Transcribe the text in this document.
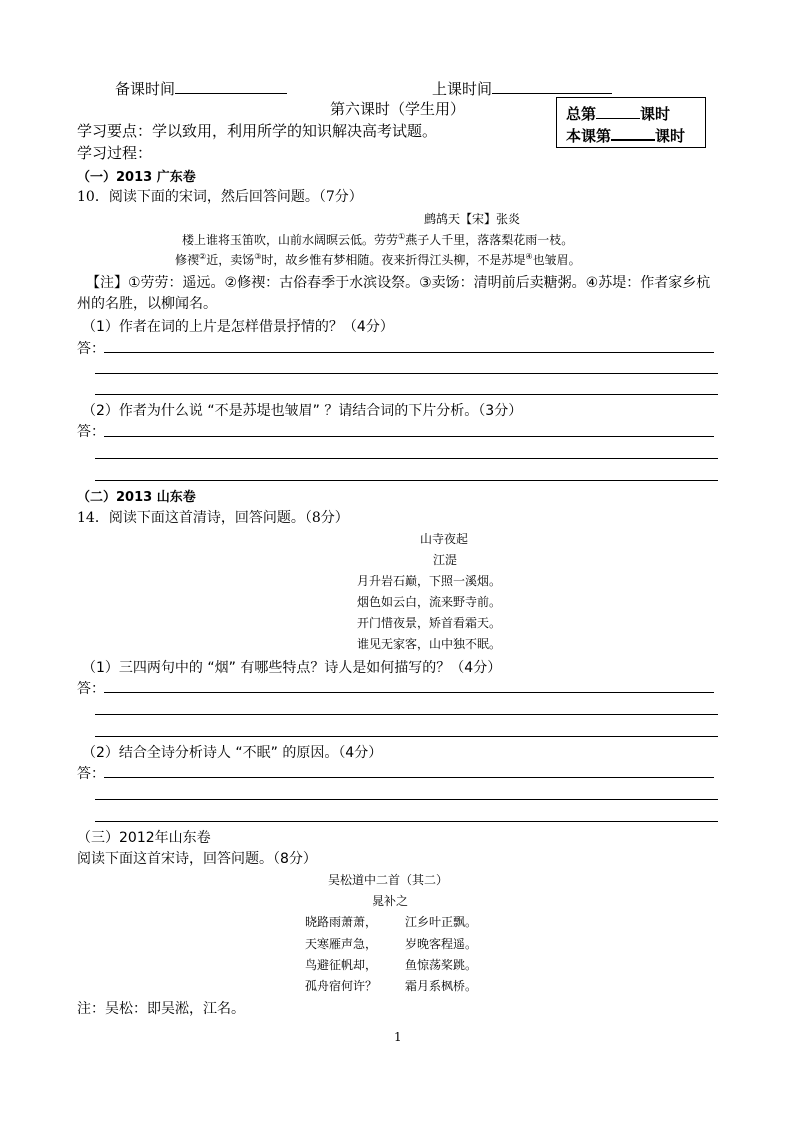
备课时间	上课时间
第六课时（学生用）	总第	课时
本课第	课时
学习要点：学以致用，利用所学的知识解决高考试题。
学习过程：
（一）2013 广东卷
10．阅读下面的宋词，然后回答问题。（7分）
鹧鸪天【宋】张炎
楼上谁将玉笛吹，山前水阔暝云低。劳劳①燕子人千里，落落梨花雨一枝。
修禊②近，卖饧③时，故乡惟有梦相随。夜来折得江头柳，不是苏堤④也皱眉。
【注】①劳劳：遥远。②修禊：古俗春季于水滨设祭。③卖饧：清明前后卖糖粥。④苏堤：作者家乡杭
州的名胜，以柳闻名。
（1）作者在词的上片是怎样借景抒情的？（4分）
答：
（2）作者为什么说 “不是苏堤也皱眉” ？请结合词的下片分析。（3分）
答：
（二）2013 山东卷
14．阅读下面这首清诗，回答问题。（8分）
山寺夜起
江湜
月升岩石巅，下照一溪烟。
烟色如云白，流来野寺前。
开门惜夜景，矫首看霜天。
谁见无家客，山中独不眠。
（1）三四两句中的 “烟” 有哪些特点？诗人是如何描写的？（4分）
答：
（2）结合全诗分析诗人 “不眠” 的原因。（4分）
答：
（三）2012年山东卷
阅读下面这首宋诗，回答问题。（8分）
吴松道中二首（其二）
晁补之
晓路雨萧萧， 江乡叶正飘。
天寒雁声急， 岁晚客程遥。
鸟避征帆却， 鱼惊荡桨跳。
孤舟宿何许？ 霜月系枫桥。
注：吴松：即吴淞，江名。
1
